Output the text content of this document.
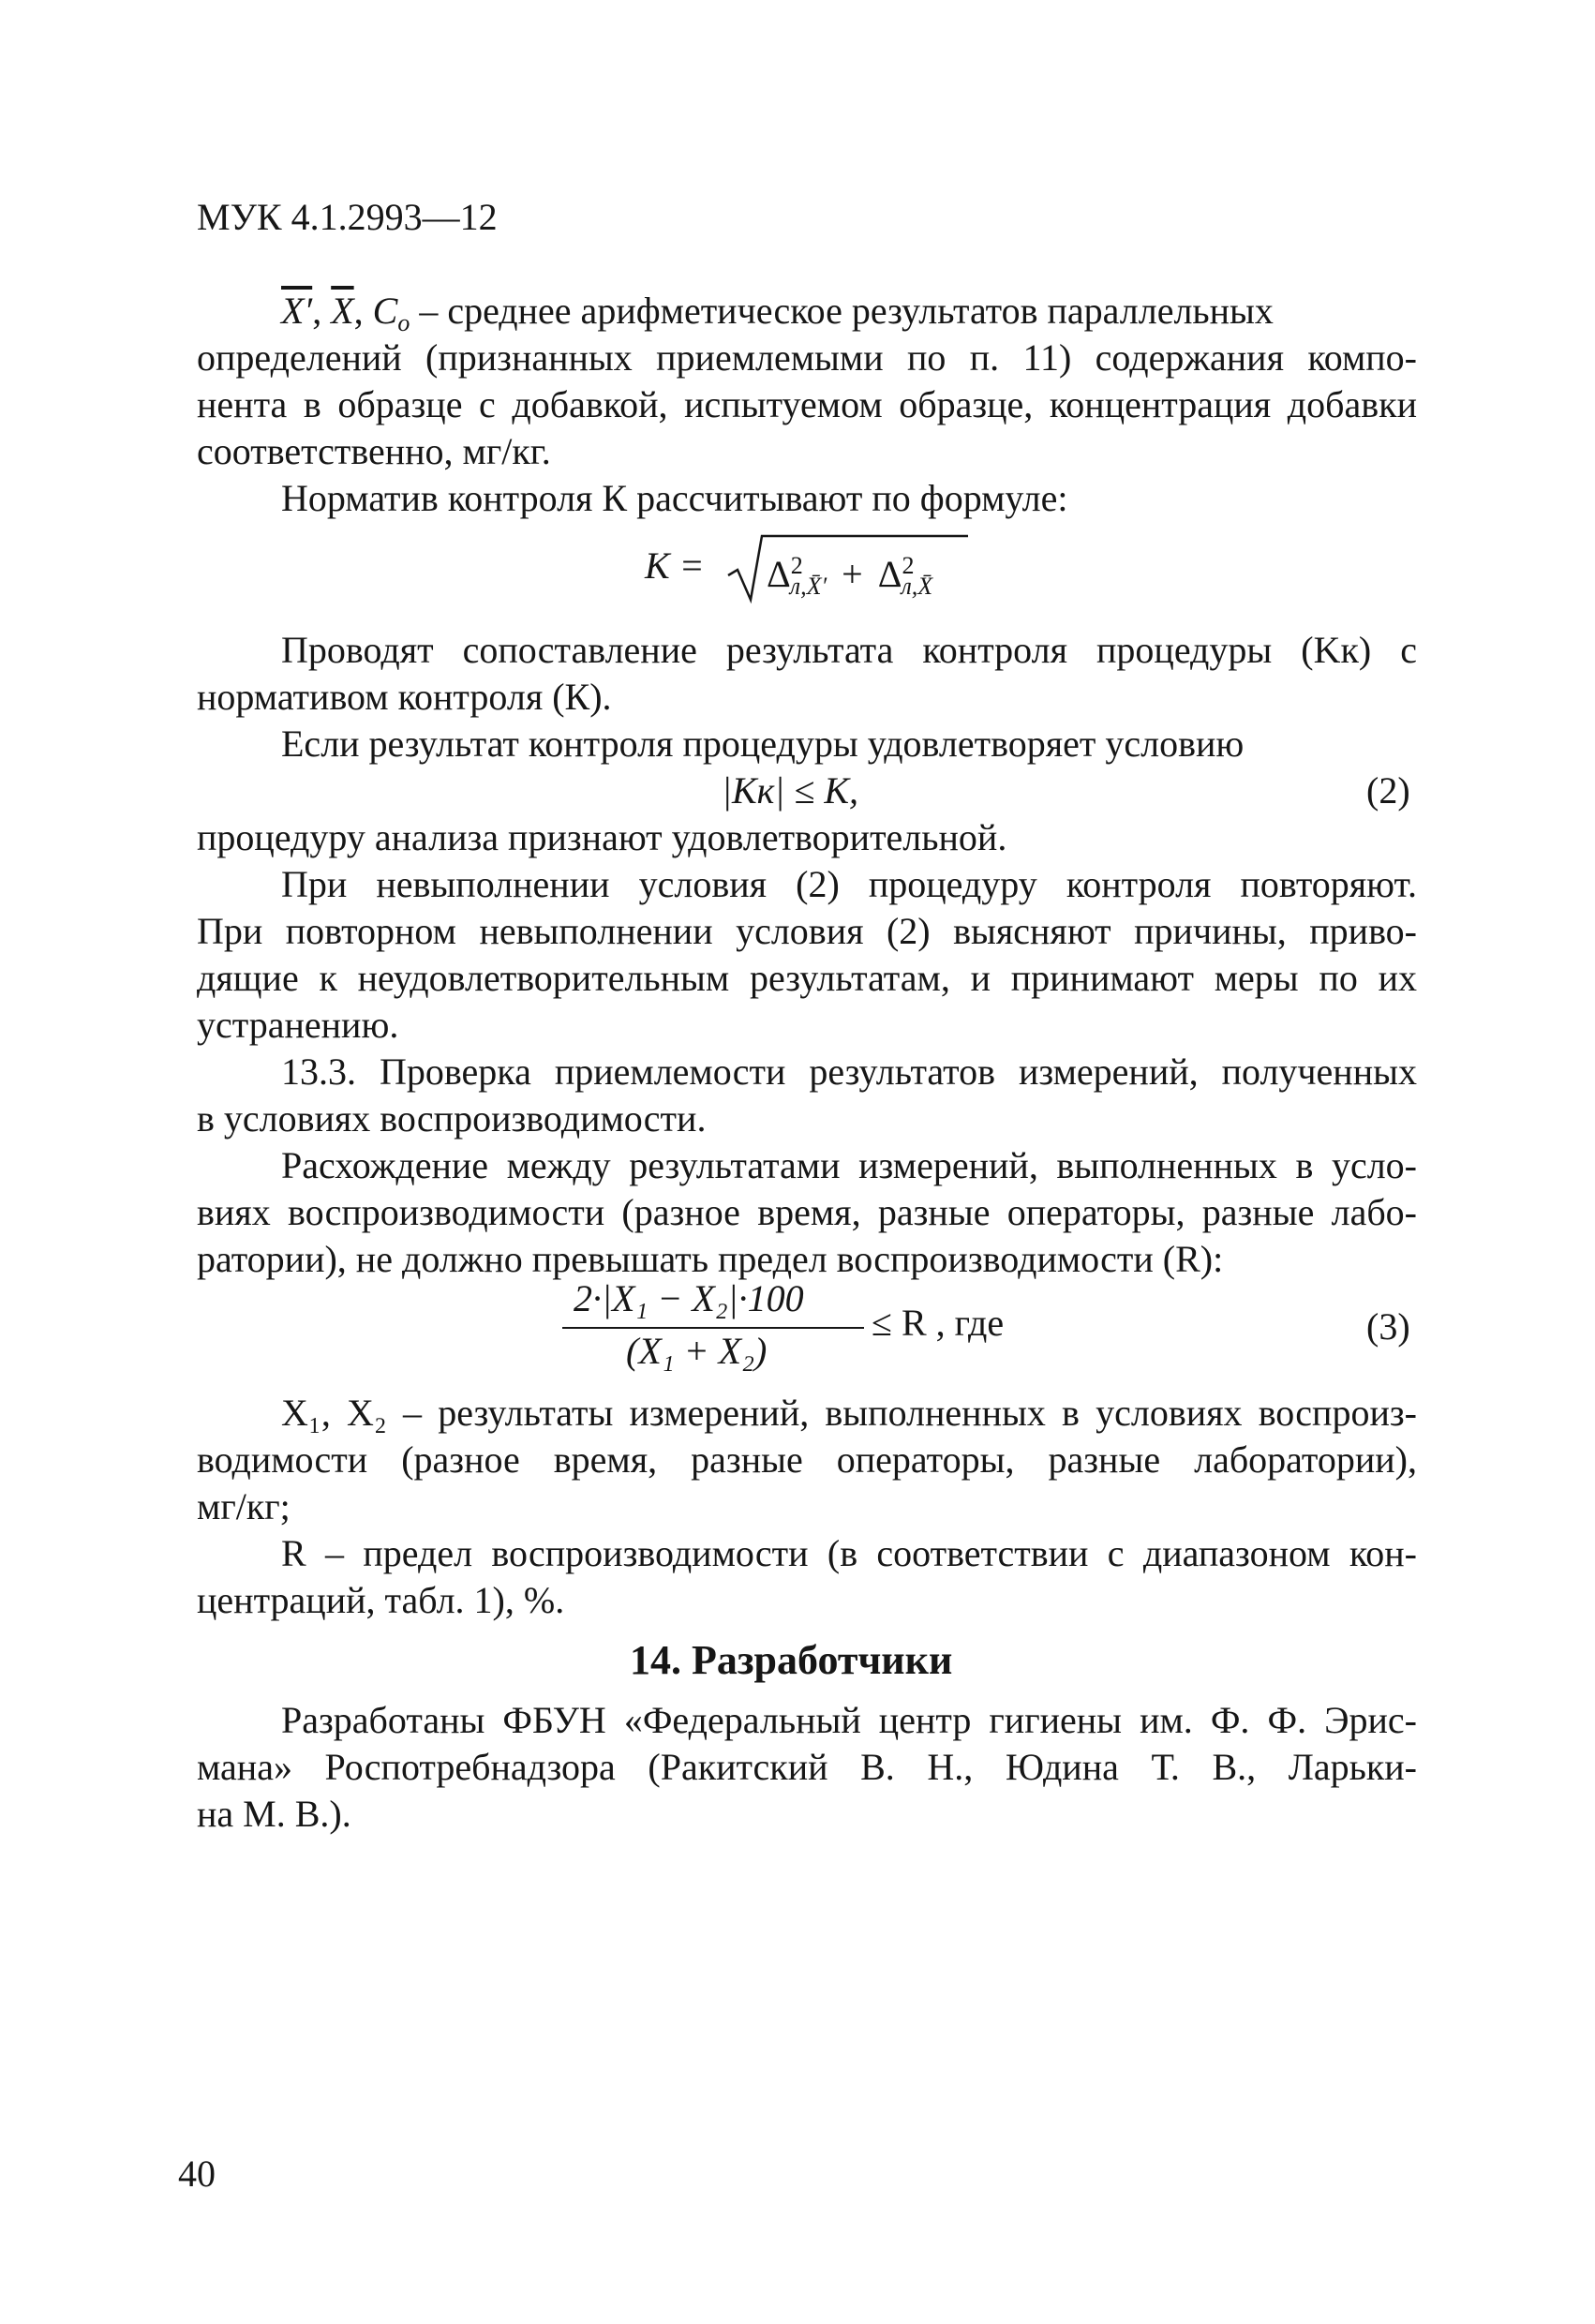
МУК 4.1.2993—12
X′, $\overline{X}$, $C_о$ – среднее арифметическое результатов параллельных
определений (признанных приемлемыми по п. 11) содержания компо-
нента в образце с добавкой, испытуемом образце, концентрация добавки
соответственно, мг/кг.
Норматив контроля К рассчитывают по формуле:
$K = \Delta^2_{л,X̄'} + \Delta^2_{л,X̄}$
Проводят сопоставление результата контроля процедуры (Kк) с
нормативом контроля (К).
Если результат контроля процедуры удовлетворяет условию
|Kк| ≤ K,	(2)
процедуру анализа признают удовлетворительной.
При невыполнении условия (2) процедуру контроля повторяют.
При повторном невыполнении условия (2) выясняют причины, приво-
дящие к неудовлетворительным результатам, и принимают меры по их
устранению.
13.3. Проверка приемлемости результатов измерений, полученных
в условиях воспроизводимости.
Расхождение между результатами измерений, выполненных в усло-
виях воспроизводимости (разное время, разные операторы, разные лабо-
ратории), не должно превышать предел воспроизводимости (R):
2·|X₁ − X₂|·100
(X₁ + X₂)
≤ R , где	(3)
X₁, X₂ – результаты измерений, выполненных в условиях воспроиз-
водимости (разное время, разные операторы, разные лаборатории),
мг/кг;
R – предел воспроизводимости (в соответствии с диапазоном кон-
центраций, табл. 1), %.
14. Разработчики
Разработаны ФБУН «Федеральный центр гигиены им. Ф. Ф. Эрис-
мана» Роспотребнадзора (Ракитский В. Н., Юдина Т. В., Ларьки-
на М. В.).
40
